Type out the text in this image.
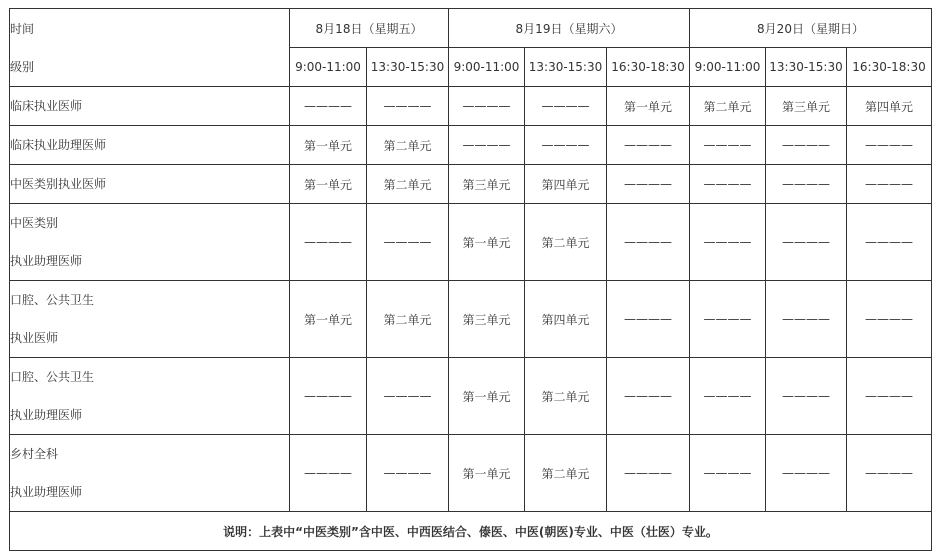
时间	8月18日（星期五）		8月19日（星期六）			8月20日（星期日）		
级别	9:00-11:00	13:30-15:30	9:00-11:00	13:30-15:30	16:30-18:30	9:00-11:00	13:30-15:30	16:30-18:30

临床执业医师	————	————	————	————	第一单元	第二单元	第三单元	第四单元

临床执业助理医师	第一单元	第二单元	————	————	————	————	————	————

中医类别执业医师	第一单元	第二单元	第三单元	第四单元	————	————	————	————

中医类别
执业助理医师	————	————	第一单元	第二单元	————	————	————	————

口腔、公共卫生
执业医师	第一单元	第二单元	第三单元	第四单元	————	————	————	————

口腔、公共卫生
执业助理医师	————	————	第一单元	第二单元	————	————	————	————

乡村全科
执业助理医师	————	————	第一单元	第二单元	————	————	————	————
说明：上表中“中医类别”含中医、中西医结合、傣医、中医(朝医)专业、中医（壮医）专业。								
